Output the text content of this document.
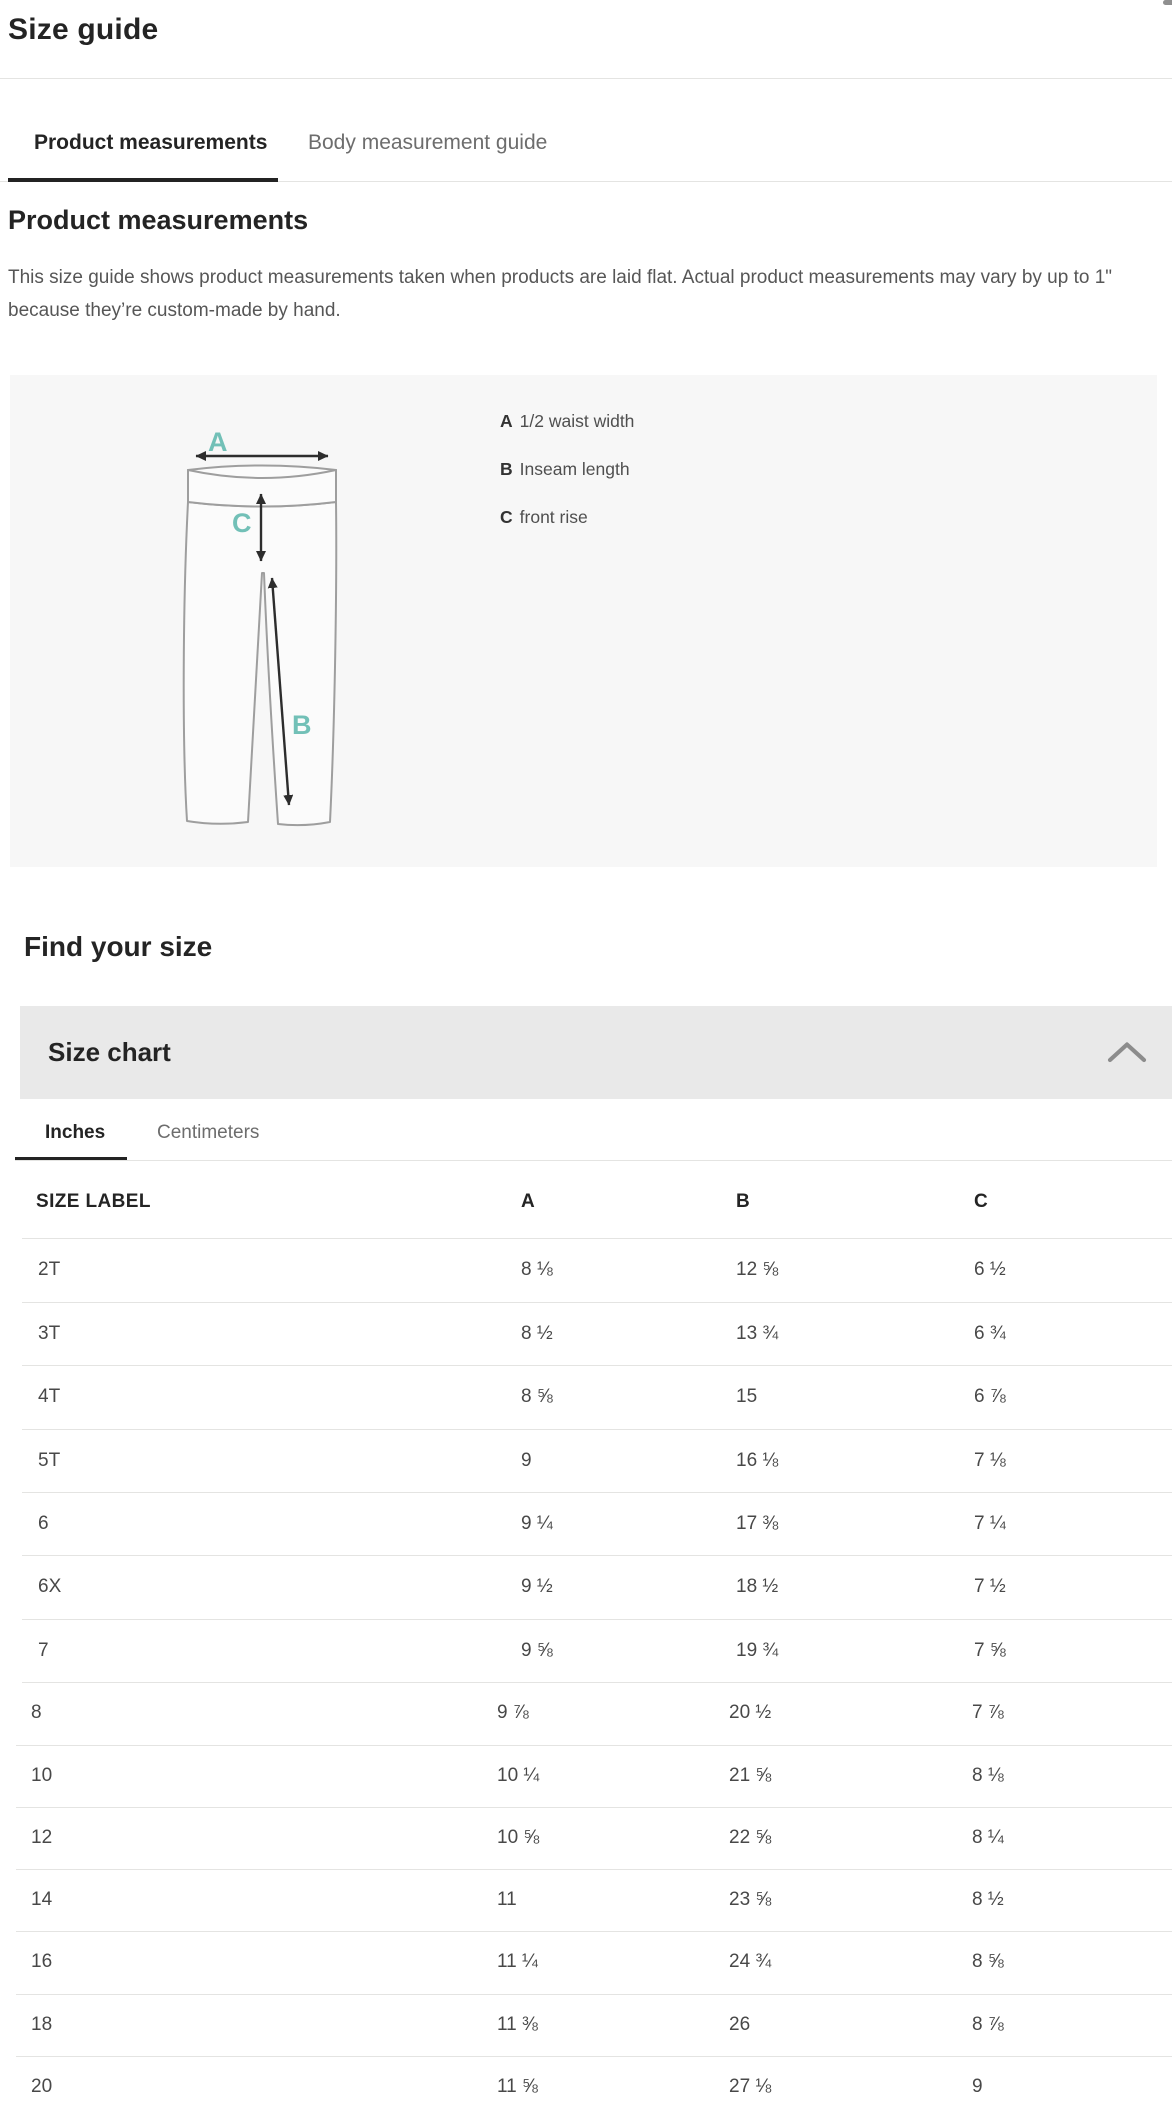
Size guide
Product measurements Body measurement guide
Product measurements
This size guide shows product measurements taken when products are laid flat. Actual product measurements may vary by up to 1" because they’re custom-made by hand.
A
C
B
A 1/2 waist width
B Inseam length
C front rise
Find your size
Size chart
Inches	Centimeters
SIZE LABEL	A	B	C
2T	8 ⅛	12 ⅝	6 ½
3T	8 ½	13 ¾	6 ¾
4T	8 ⅝	15	6 ⅞
5T	9	16 ⅛	7 ⅛
6	9 ¼	17 ⅜	7 ¼
6X	9 ½	18 ½	7 ½
7	9 ⅝	19 ¾	7 ⅝
8	9 ⅞	20 ½	7 ⅞
10	10 ¼	21 ⅝	8 ⅛
12	10 ⅝	22 ⅝	8 ¼
14	11	23 ⅝	8 ½
16	11 ¼	24 ¾	8 ⅝
18	11 ⅜	26	8 ⅞
20	11 ⅝	27 ⅛	9
